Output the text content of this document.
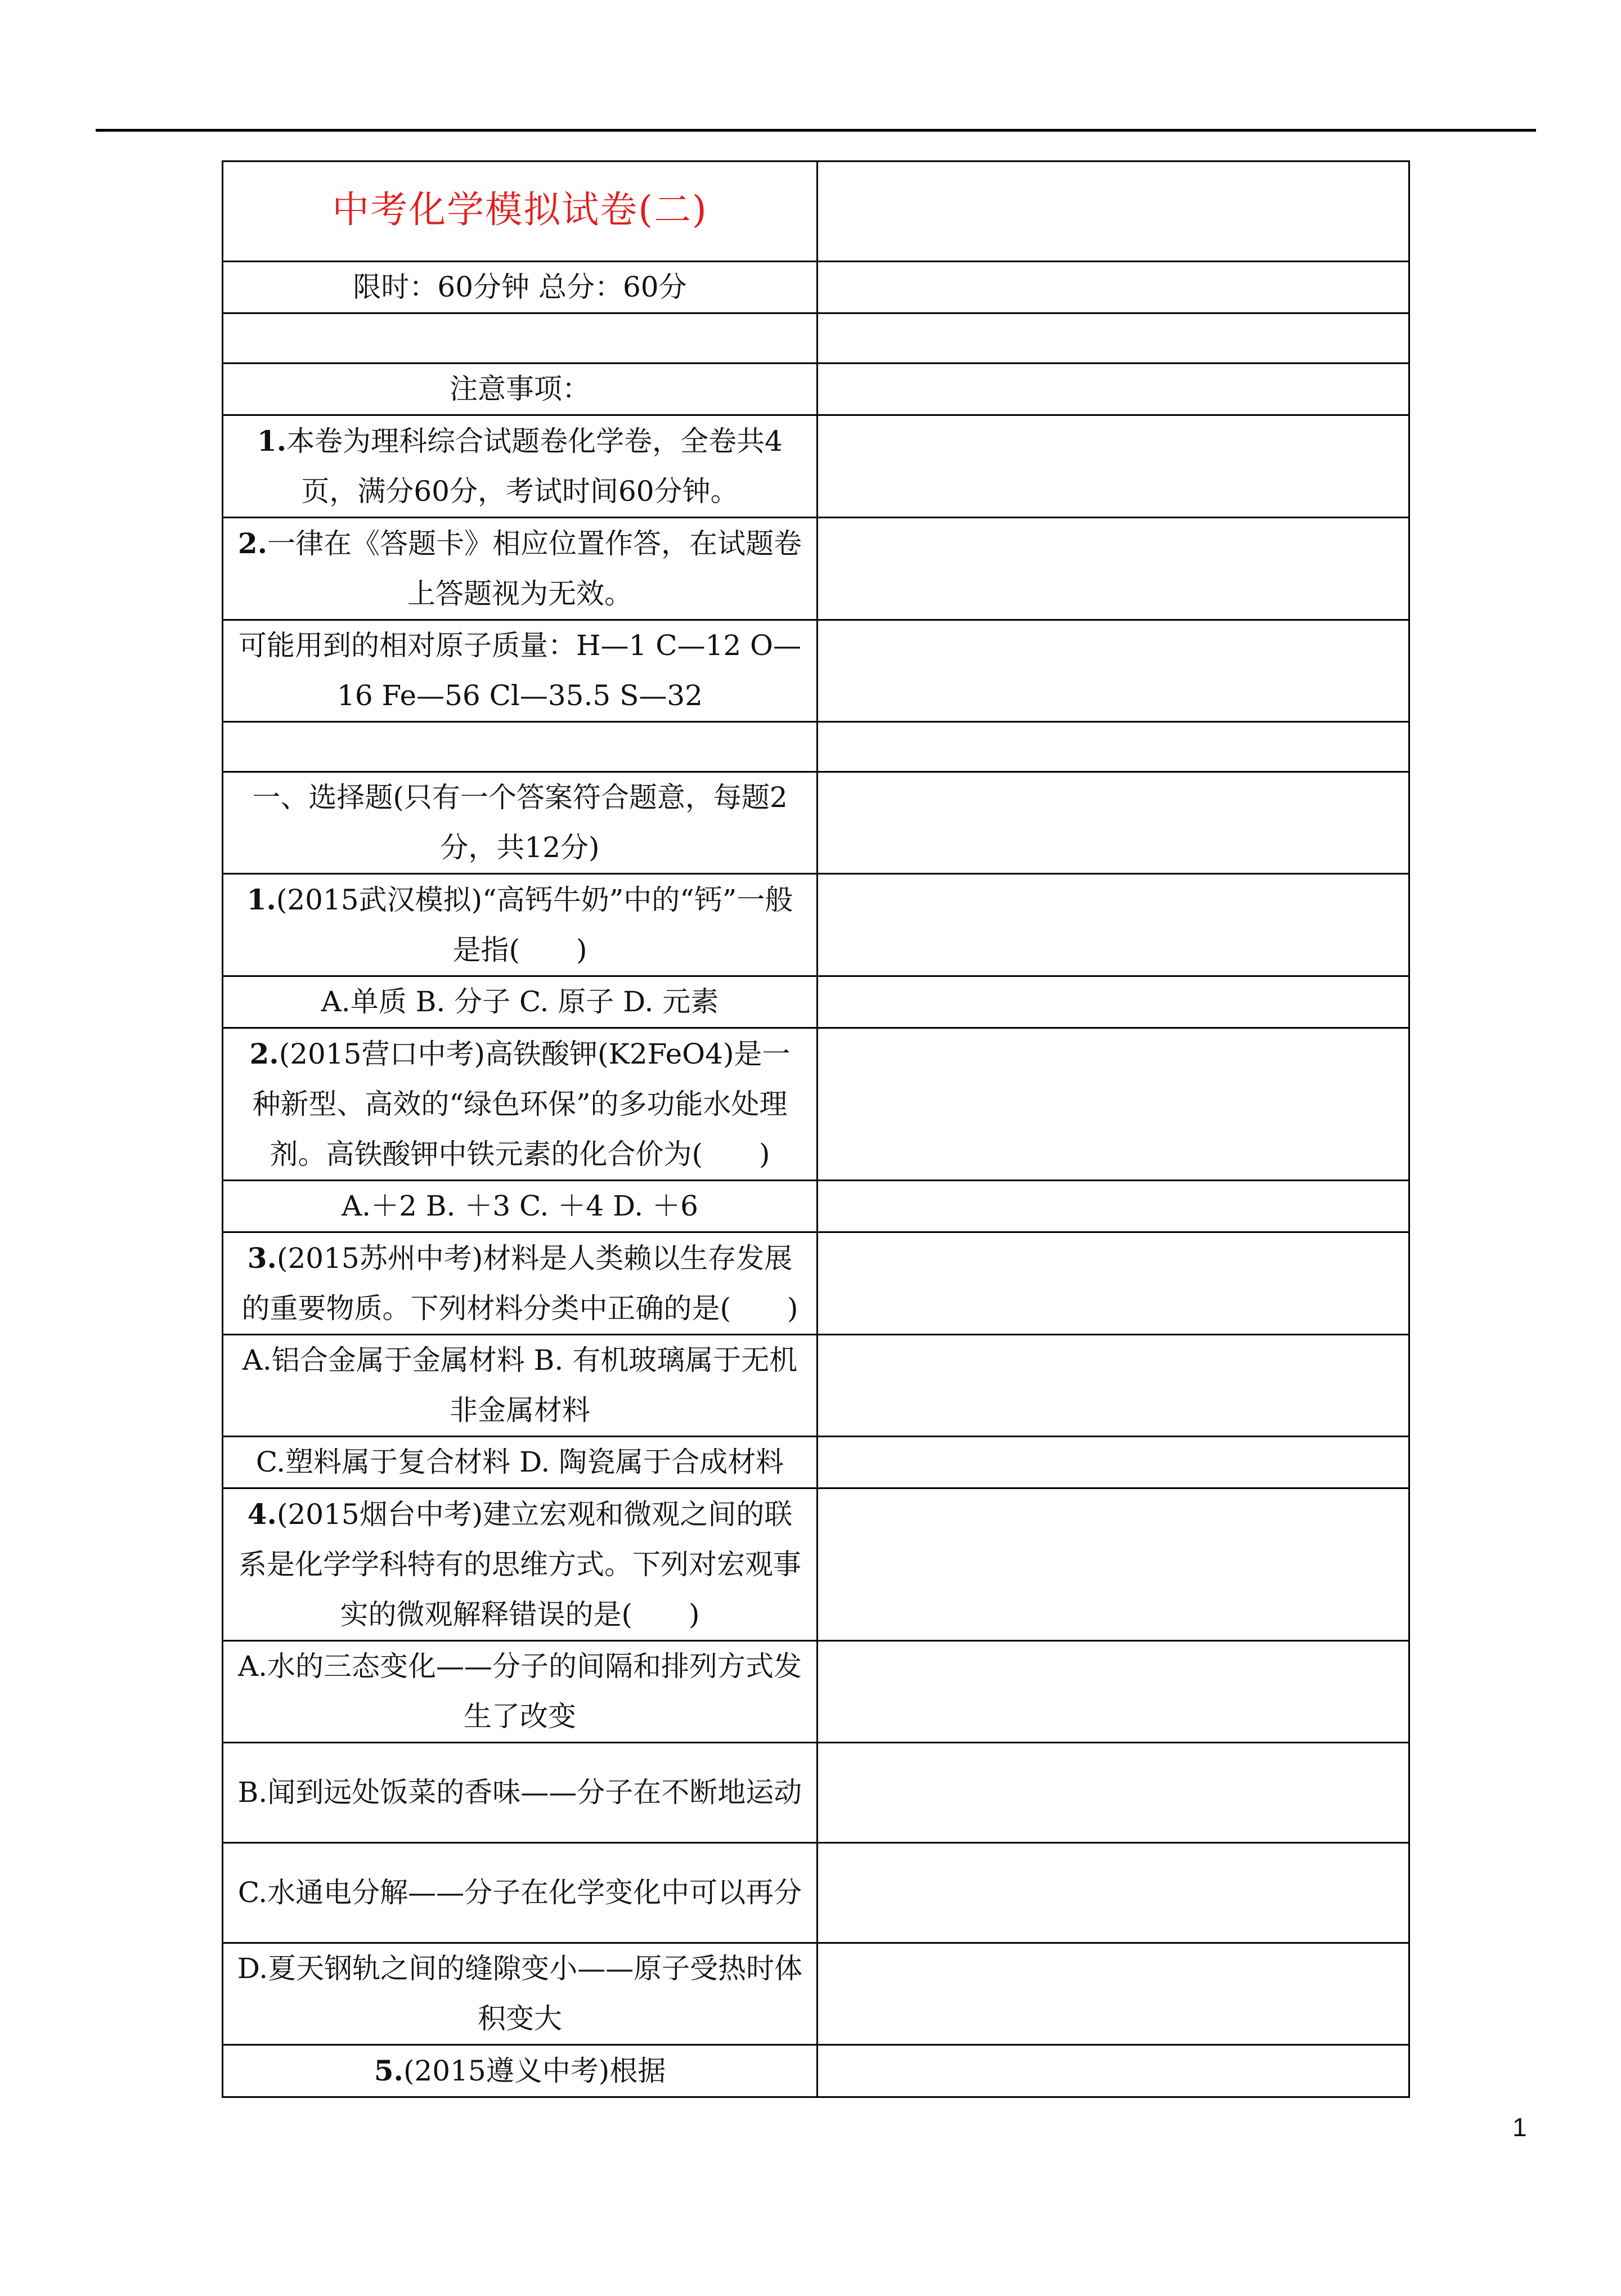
中考化学模拟试卷(二)	
限时：60分钟 总分：60分	

注意事项：	
1.本卷为理科综合试题卷化学卷，全卷共4页，满分60分，考试时间60分钟。	
2.一律在《答题卡》相应位置作答，在试题卷上答题视为无效。	
可能用到的相对原子质量：H—1 C—12 O—16 Fe—56 Cl—35.5 S—32	

一、选择题(只有一个答案符合题意，每题2分，共12分)	
1.(2015武汉模拟)“高钙牛奶”中的“钙”一般是指(　　)	
A.单质 B. 分子 C. 原子 D. 元素	
2.(2015营口中考)高铁酸钾(K2FeO4)是一种新型、高效的“绿色环保”的多功能水处理剂。高铁酸钾中铁元素的化合价为(　　)	
A.＋2 B. ＋3 C. ＋4 D. ＋6	
3.(2015苏州中考)材料是人类赖以生存发展的重要物质。下列材料分类中正确的是(　　)	
A.铝合金属于金属材料 B. 有机玻璃属于无机非金属材料	
C.塑料属于复合材料 D. 陶瓷属于合成材料	
4.(2015烟台中考)建立宏观和微观之间的联系是化学学科特有的思维方式。下列对宏观事实的微观解释错误的是(　　)	
A.水的三态变化——分子的间隔和排列方式发生了改变	
B.闻到远处饭菜的香味——分子在不断地运动	
C.水通电分解——分子在化学变化中可以再分	
D.夏天钢轨之间的缝隙变小——原子受热时体积变大	
5.(2015遵义中考)根据	
1
